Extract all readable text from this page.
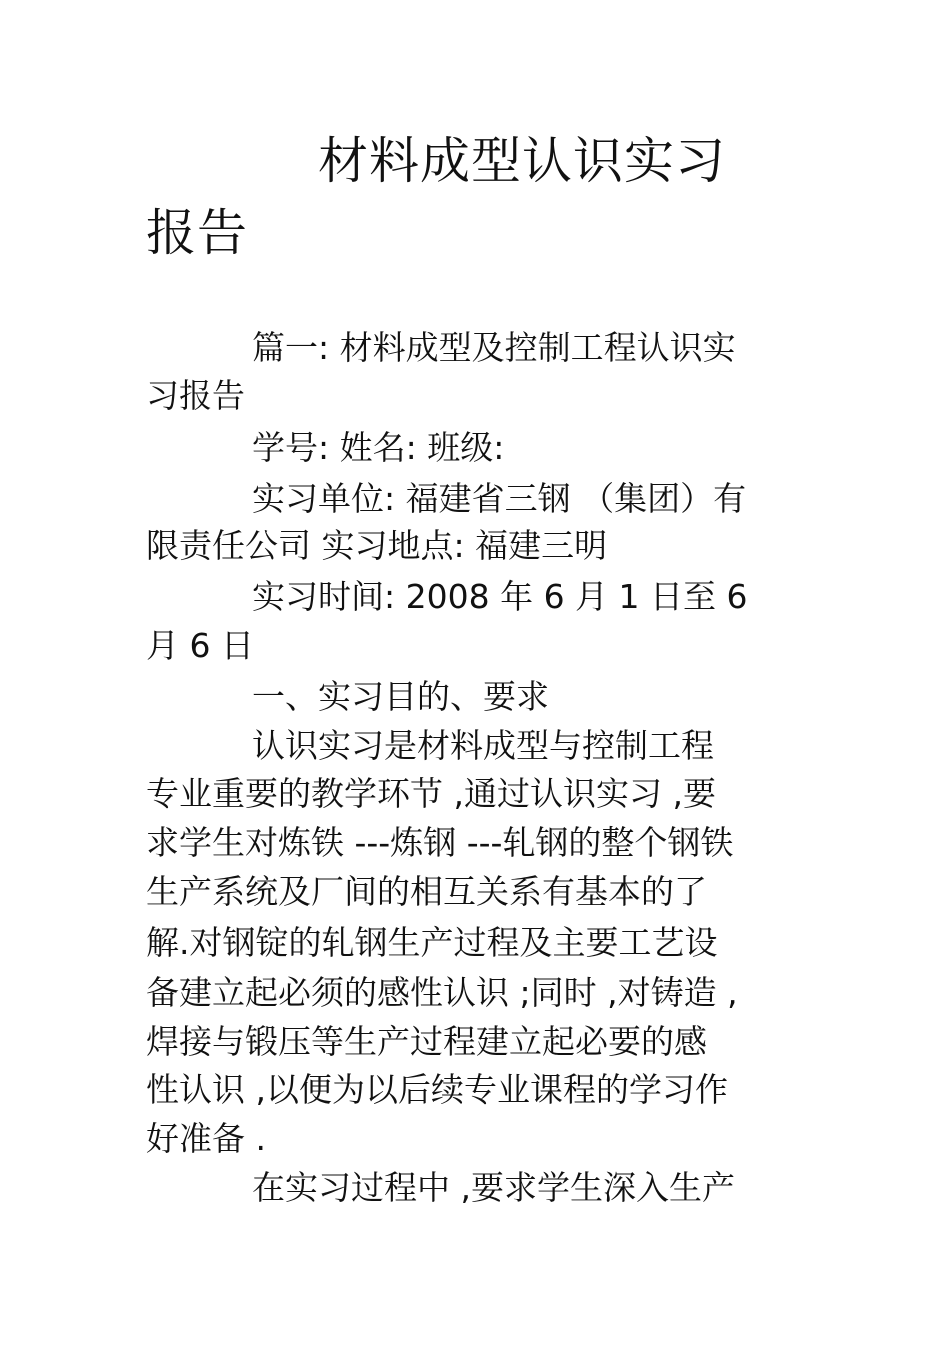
材料成型认识实习
报告
篇一: 材料成型及控制工程认识实
习报告
学号: 姓名: 班级:
实习单位: 福建省三钢 （集团）有
限责任公司 实习地点: 福建三明
实习时间: 2008 年 6 月 1 日至 6
月 6 日
一、实习目的、要求
认识实习是材料成型与控制工程
专业重要的教学环节 ,通过认识实习 ,要
求学生对炼铁 ---炼钢 ---轧钢的整个钢铁
生产系统及厂间的相互关系有基本的了
解.对钢锭的轧钢生产过程及主要工艺设
备建立起必须的感性认识 ;同时 ,对铸造 ,
焊接与锻压等生产过程建立起必要的感
性认识 ,以便为以后续专业课程的学习作
好准备 .
在实习过程中 ,要求学生深入生产
